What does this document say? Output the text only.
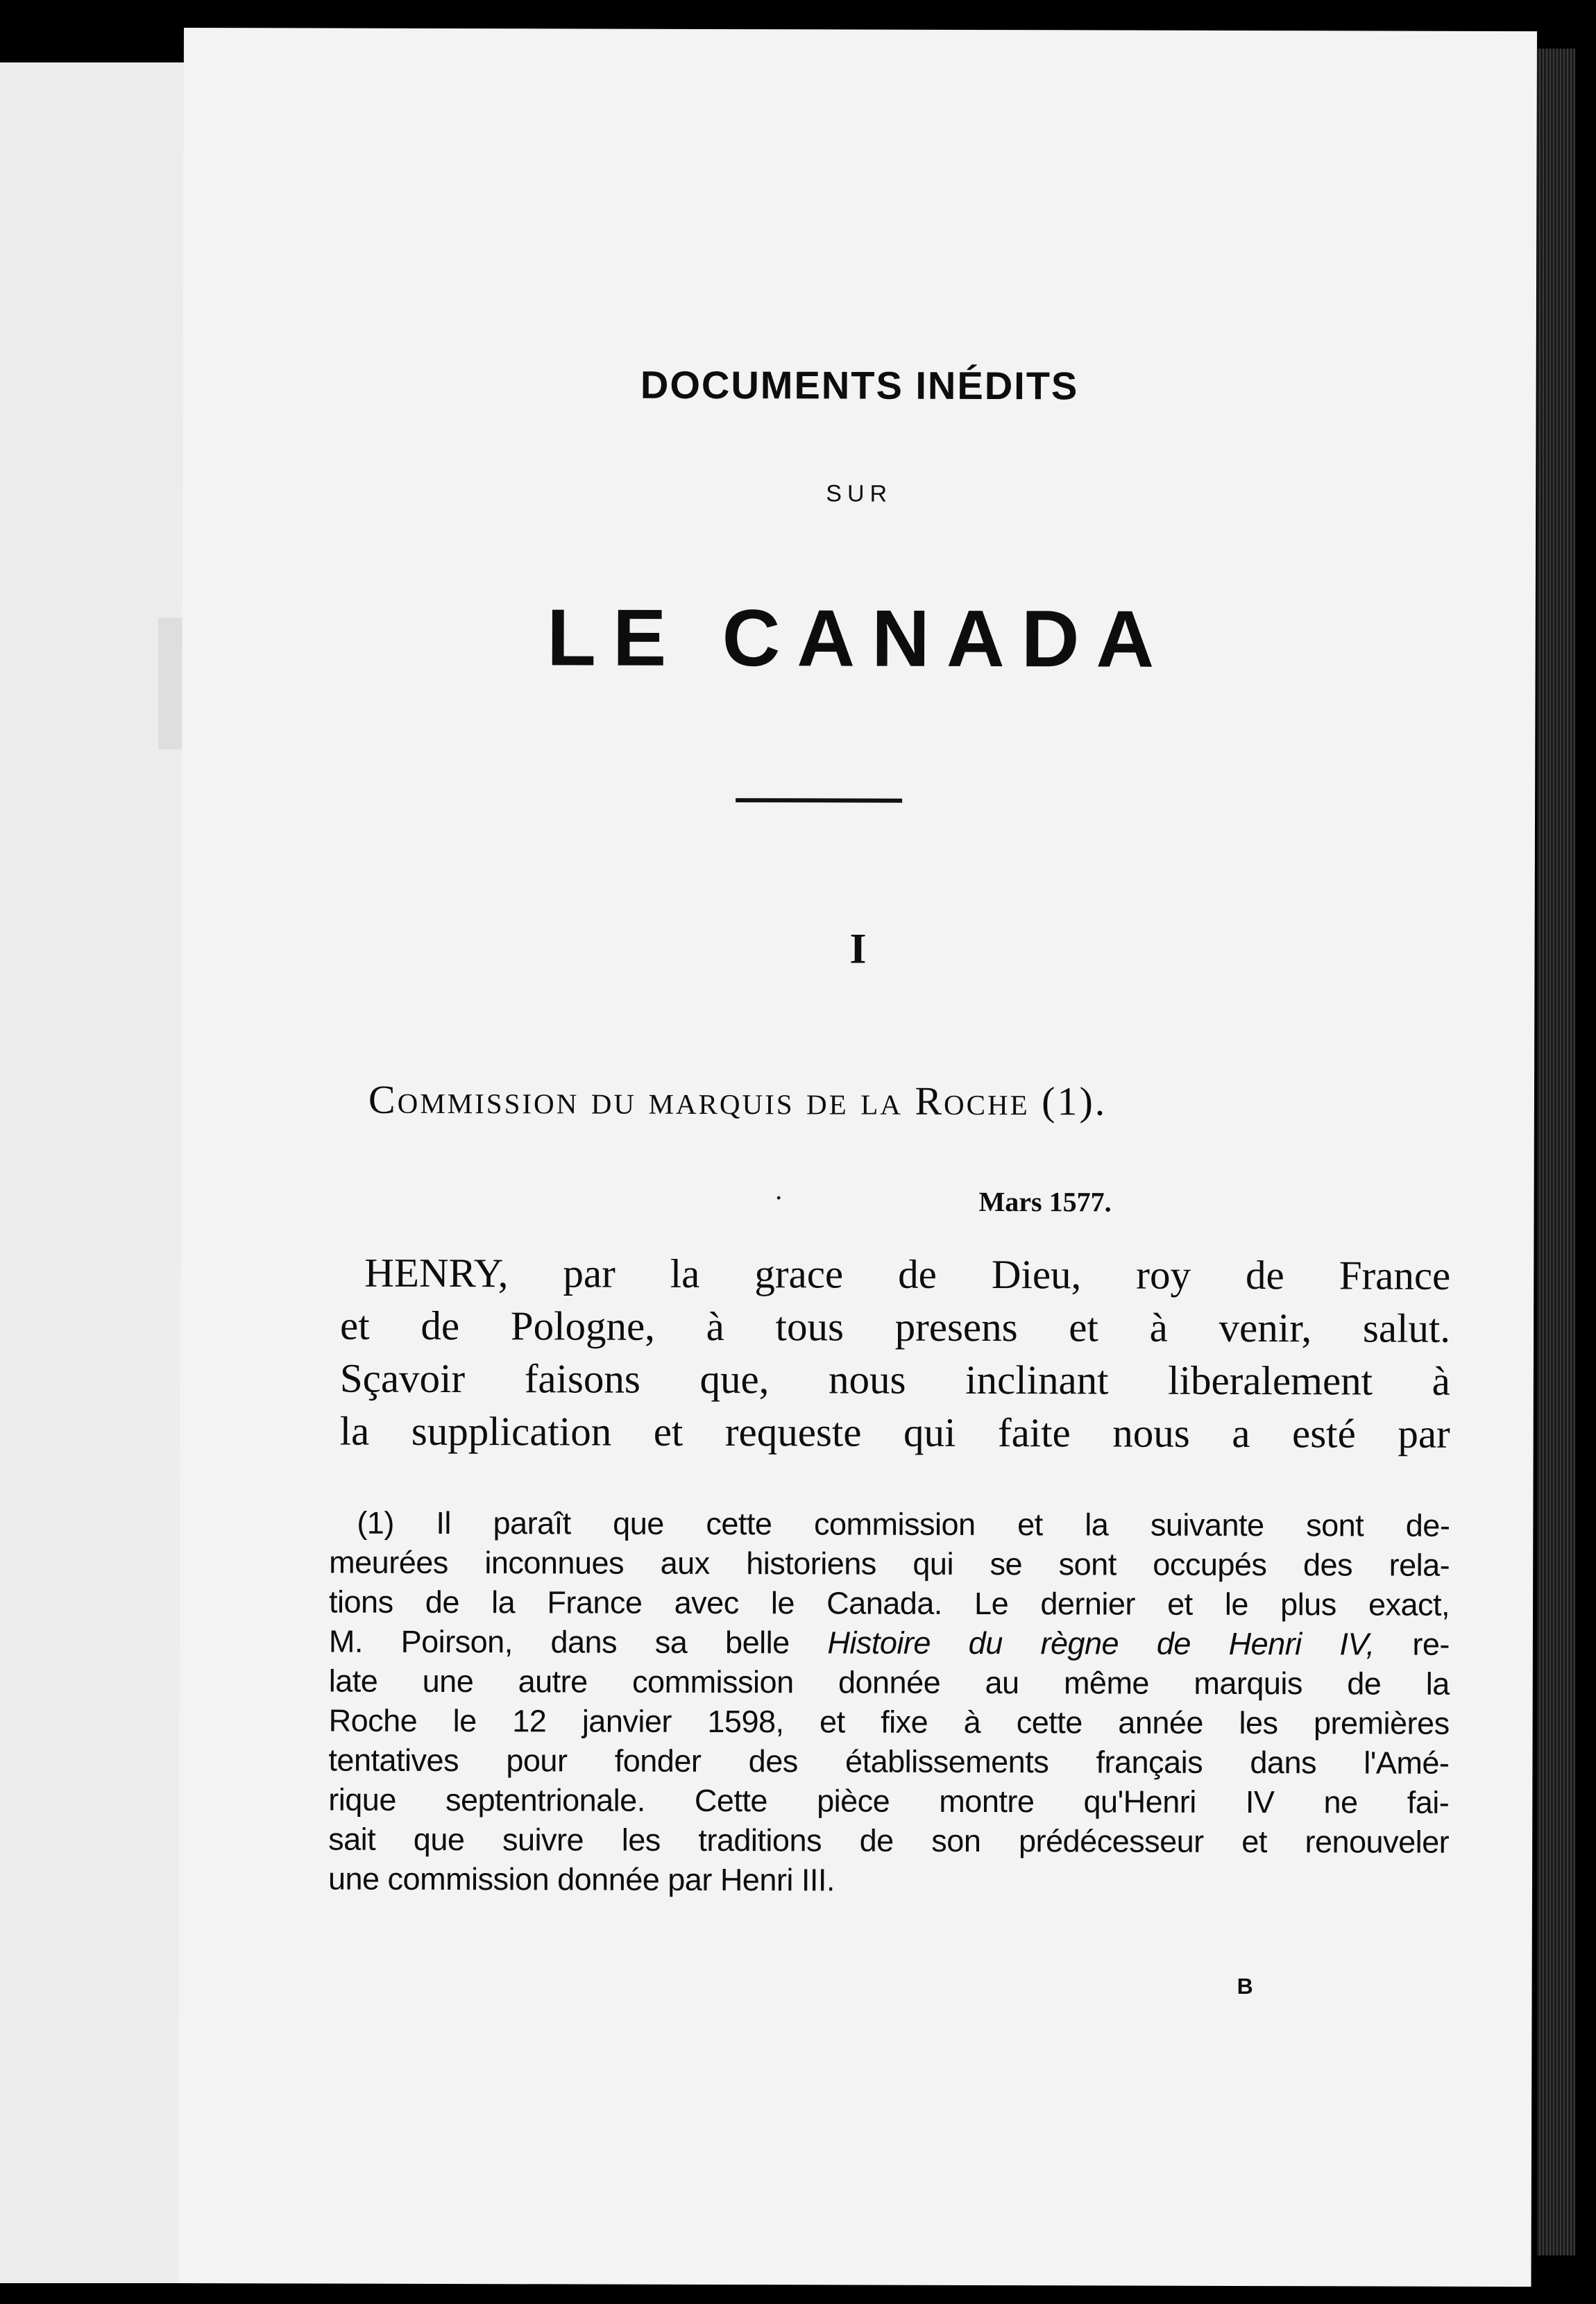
DOCUMENTS INÉDITS

SUR

LE CANADA

I

Commission du marquis de la Roche (1).

·	Mars 1577.

HENRY, par la grace de Dieu, roy de France
et de Pologne, à tous presens et à venir, salut.
Sçavoir faisons que, nous inclinant liberalement à
la supplication et requeste qui faite nous a esté par
(1) Il paraît que cette commission et la suivante sont de-
meurées inconnues aux historiens qui se sont occupés des rela-
tions de la France avec le Canada. Le dernier et le plus exact,
M. Poirson, dans sa belle Histoire du règne de Henri IV, re-
late une autre commission donnée au même marquis de la
Roche le 12 janvier 1598, et fixe à cette année les premières
tentatives pour fonder des établissements français dans l'Amé-
rique septentrionale. Cette pièce montre qu'Henri IV ne fai-
sait que suivre les traditions de son prédécesseur et renouveler
une commission donnée par Henri III.

B
